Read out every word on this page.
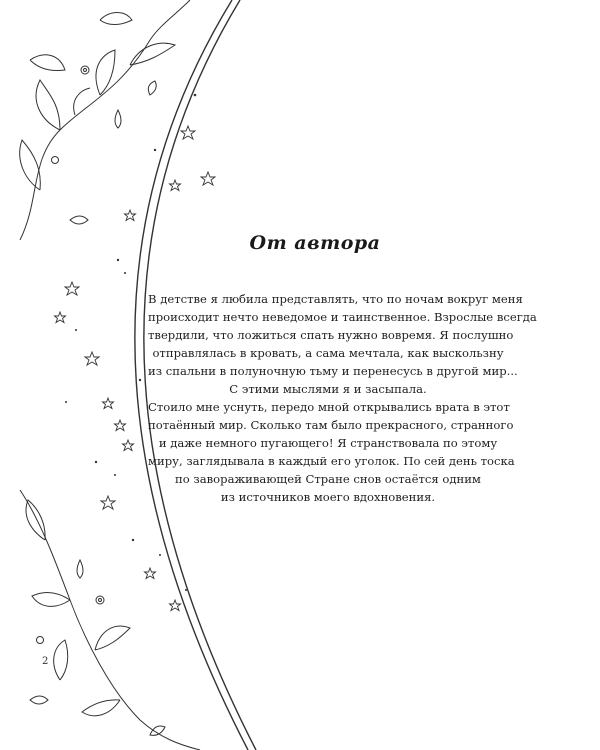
От автора
В детстве я любила представлять, что по ночам вокруг меня
происходит нечто неведомое и таинственное. Взрослые всегда
твердили, что ложиться спать нужно вовремя. Я послушно
отправлялась в кровать, а сама мечтала, как выскользну
из спальни в полуночную тьму и перенесусь в другой мир...
С этими мыслями я и засыпала.
Стоило мне уснуть, передо мной открывались врата в этот
потаённый мир. Сколько там было прекрасного, странного
и даже немного пугающего! Я странствовала по этому
миру, заглядывала в каждый его уголок. По сей день тоска
по завораживающей Стране снов остаётся одним
из источников моего вдохновения.
2
